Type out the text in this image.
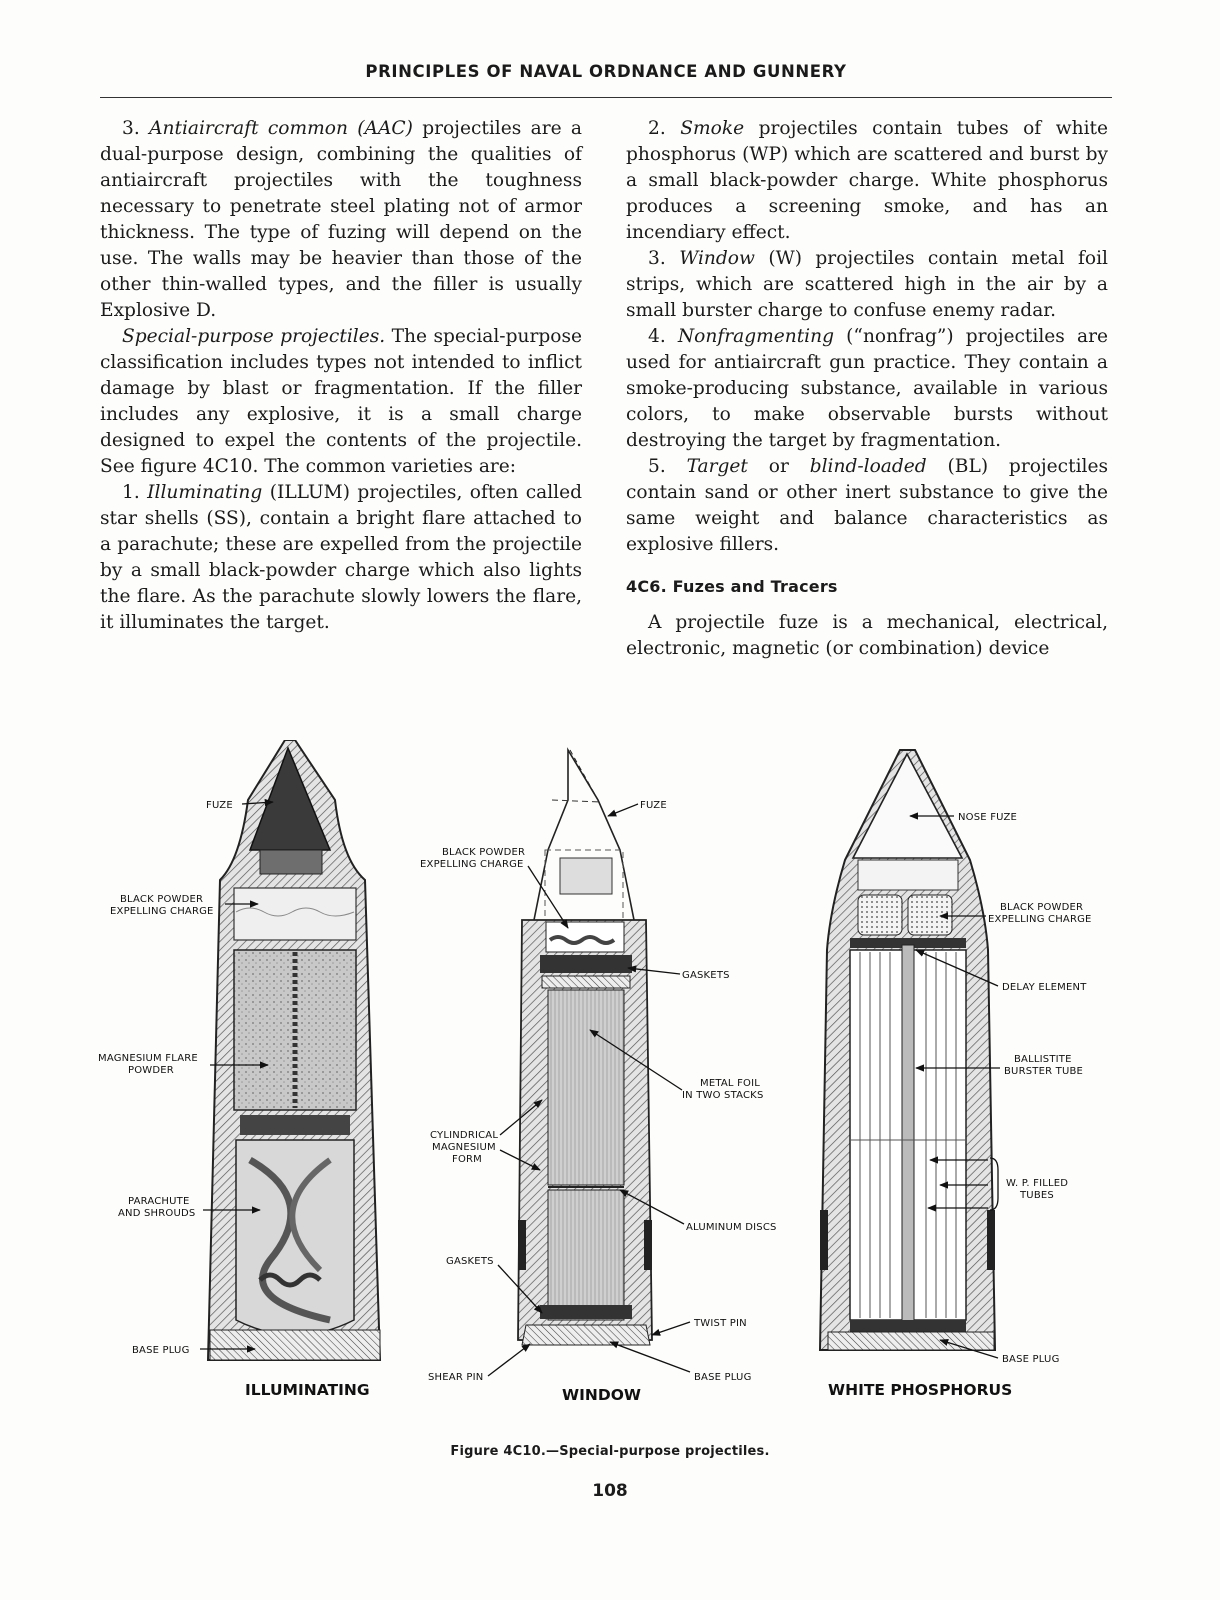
PRINCIPLES OF NAVAL ORDNANCE AND GUNNERY

3. Antiaircraft common (AAC) projectiles are a dual-purpose design, combining the qualities of antiaircraft projectiles with the toughness necessary to penetrate steel plating not of armor thickness. The type of fuzing will depend on the use. The walls may be heavier than those of the other thin-walled types, and the filler is usually Explosive D.

Special-purpose projectiles. The special-purpose classification includes types not intended to inflict damage by blast or fragmentation. If the filler includes any explosive, it is a small charge designed to expel the contents of the projectile. See figure 4C10. The common varieties are:

1. Illuminating (ILLUM) projectiles, often called star shells (SS), contain a bright flare attached to a parachute; these are expelled from the projectile by a small black-powder charge which also lights the flare. As the parachute slowly lowers the flare, it illuminates the target.

2. Smoke projectiles contain tubes of white phosphorus (WP) which are scattered and burst by a small black-powder charge. White phosphorus produces a screening smoke, and has an incendiary effect.

3. Window (W) projectiles contain metal foil strips, which are scattered high in the air by a small burster charge to confuse enemy radar.

4. Nonfragmenting (“nonfrag”) projectiles are used for antiaircraft gun practice. They contain a smoke-producing substance, available in various colors, to make observable bursts without destroying the target by fragmentation.

5. Target or blind-loaded (BL) projectiles contain sand or other inert substance to give the same weight and balance characteristics as explosive fillers.

4C6. Fuzes and Tracers

A projectile fuze is a mechanical, electrical, electronic, magnetic (or combination) device

FUZE
BLACK POWDER
EXPELLING CHARGE
MAGNESIUM FLARE
POWDER
PARACHUTE
AND SHROUDS
BASE PLUG
ILLUMINATING
FUZE
BLACK POWDER
EXPELLING CHARGE
GASKETS
METAL FOIL
IN TWO STACKS
CYLINDRICAL
MAGNESIUM
FORM
ALUMINUM DISCS
GASKETS
TWIST PIN
SHEAR PIN	BASE PLUG
WINDOW
NOSE FUZE
BLACK POWDER
EXPELLING CHARGE
DELAY ELEMENT
BALLISTITE
BURSTER TUBE
W. P. FILLED
TUBES
BASE PLUG
WHITE PHOSPHORUS
Figure 4C10.—Special-purpose projectiles.
108
